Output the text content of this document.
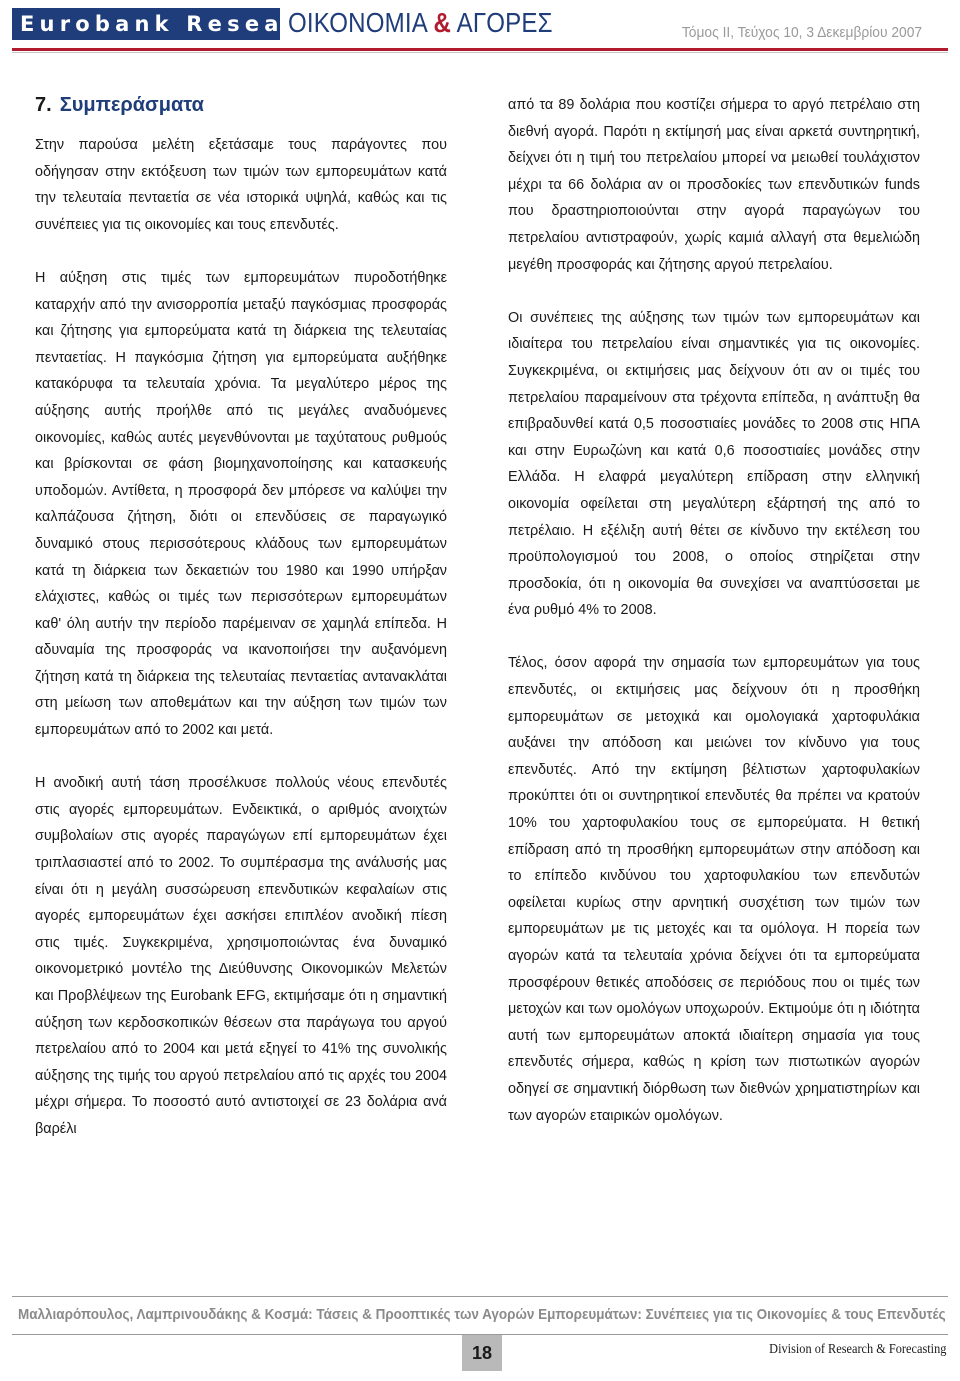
Eurobank Research
ΟΙΚΟΝΟΜΙΑ & ΑΓΟΡΕΣ	Τόμος ΙΙ, Τεύχος 10, 3 Δεκεμβρίου 2007
7. Συμπεράσματα

Στην παρούσα μελέτη εξετάσαμε τους παράγοντες που οδήγησαν στην εκτόξευση των τιμών των εμπορευμάτων κατά την τελευταία πενταετία σε νέα ιστορικά υψηλά, καθώς και τις συνέπειες για τις οικονομίες και τους επενδυτές.

Η αύξηση στις τιμές των εμπορευμάτων πυροδοτήθηκε καταρχήν από την ανισορροπία μεταξύ παγκόσμιας προσφοράς και ζήτησης για εμπορεύματα κατά τη διάρκεια της τελευταίας πενταετίας. Η παγκόσμια ζήτηση για εμπορεύματα αυξήθηκε κατακόρυφα τα τελευταία χρόνια. Τα μεγαλύτερο μέρος της αύξησης αυτής προήλθε από τις μεγάλες αναδυόμενες οικονομίες, καθώς αυτές μεγενθύνονται με ταχύτατους ρυθμούς και βρίσκονται σε φάση βιομηχανοποίησης και κατασκευής υποδομών. Αντίθετα, η προσφορά δεν μπόρεσε να καλύψει την καλπάζουσα ζήτηση, διότι οι επενδύσεις σε παραγωγικό δυναμικό στους περισσότερους κλάδους των εμπορευμάτων κατά τη διάρκεια των δεκαετιών του 1980 και 1990 υπήρξαν ελάχιστες, καθώς οι τιμές των περισσότερων εμπορευμάτων καθ' όλη αυτήν την περίοδο παρέμειναν σε χαμηλά επίπεδα. Η αδυναμία της προσφοράς να ικανοποιήσει την αυξανόμενη ζήτηση κατά τη διάρκεια της τελευταίας πενταετίας αντανακλάται στη μείωση των αποθεμάτων και την αύξηση των τιμών των εμπορευμάτων από το 2002 και μετά.

Η ανοδική αυτή τάση προσέλκυσε πολλούς νέους επενδυτές στις αγορές εμπορευμάτων. Ενδεικτικά, ο αριθμός ανοιχτών συμβολαίων στις αγορές παραγώγων επί εμπορευμάτων έχει τριπλασιαστεί από το 2002. Το συμπέρασμα της ανάλυσής μας είναι ότι η μεγάλη συσσώρευση επενδυτικών κεφαλαίων στις αγορές εμπορευμάτων έχει ασκήσει επιπλέον ανοδική πίεση στις τιμές. Συγκεκριμένα, χρησιμοποιώντας ένα δυναμικό οικονομετρικό μοντέλο της Διεύθυνσης Οικονομικών Μελετών και Προβλέψεων της Eurobank EFG, εκτιμήσαμε ότι η σημαντική αύξηση των κερδοσκοπικών θέσεων στα παράγωγα του αργού πετρελαίου από το 2004 και μετά εξηγεί το 41% της συνολικής αύξησης της τιμής του αργού πετρελαίου από τις αρχές του 2004 μέχρι σήμερα. Το ποσοστό αυτό αντιστοιχεί σε 23 δολάρια ανά βαρέλι

από τα 89 δολάρια που κοστίζει σήμερα το αργό πετρέλαιο στη διεθνή αγορά. Παρότι η εκτίμησή μας είναι αρκετά συντηρητική, δείχνει ότι η τιμή του πετρελαίου μπορεί να μειωθεί τουλάχιστον μέχρι τα 66 δολάρια αν οι προσδοκίες των επενδυτικών funds που δραστηριοποιούνται στην αγορά παραγώγων του πετρελαίου αντιστραφούν, χωρίς καμιά αλλαγή στα θεμελιώδη μεγέθη προσφοράς και ζήτησης αργού πετρελαίου.

Οι συνέπειες της αύξησης των τιμών των εμπορευμάτων και ιδιαίτερα του πετρελαίου είναι σημαντικές για τις οικονομίες. Συγκεκριμένα, οι εκτιμήσεις μας δείχνουν ότι αν οι τιμές του πετρελαίου παραμείνουν στα τρέχοντα επίπεδα, η ανάπτυξη θα επιβραδυνθεί κατά 0,5 ποσοστιαίες μονάδες το 2008 στις ΗΠΑ και στην Ευρωζώνη και κατά 0,6 ποσοστιαίες μονάδες στην Ελλάδα. Η ελαφρά μεγαλύτερη επίδραση στην ελληνική οικονομία οφείλεται στη μεγαλύτερη εξάρτησή της από το πετρέλαιο. Η εξέλιξη αυτή θέτει σε κίνδυνο την εκτέλεση του προϋπολογισμού του 2008, ο οποίος στηρίζεται στην προσδοκία, ότι η οικονομία θα συνεχίσει να αναπτύσσεται με ένα ρυθμό 4% το 2008.

Τέλος, όσον αφορά την σημασία των εμπορευμάτων για τους επενδυτές, οι εκτιμήσεις μας δείχνουν ότι η προσθήκη εμπορευμάτων σε μετοχικά και ομολογιακά χαρτοφυλάκια αυξάνει την απόδοση και μειώνει τον κίνδυνο για τους επενδυτές. Από την εκτίμηση βέλτιστων χαρτοφυλακίων προκύπτει ότι οι συντηρητικοί επενδυτές θα πρέπει να κρατούν 10% του χαρτοφυλακίου τους σε εμπορεύματα. Η θετική επίδραση από τη προσθήκη εμπορευμάτων στην απόδοση και το επίπεδο κινδύνου του χαρτοφυλακίου των επενδυτών οφείλεται κυρίως στην αρνητική συσχέτιση των τιμών των εμπορευμάτων με τις μετοχές και τα ομόλογα. Η πορεία των αγορών κατά τα τελευταία χρόνια δείχνει ότι τα εμπορεύματα προσφέρουν θετικές αποδόσεις σε περιόδους που οι τιμές των μετοχών και των ομολόγων υποχωρούν. Εκτιμούμε ότι η ιδιότητα αυτή των εμπορευμάτων αποκτά ιδιαίτερη σημασία για τους επενδυτές σήμερα, καθώς η κρίση των πιστωτικών αγορών οδηγεί σε σημαντική διόρθωση των διεθνών χρηματιστηρίων και των αγορών εταιρικών ομολόγων.

Μαλλιαρόπουλος, Λαμπρινουδάκης & Κοσμά: Τάσεις & Προοπτικές των Αγορών Εμπορευμάτων: Συνέπειες για τις Οικονομίες & τους Επενδυτές
18	Division of Research & Forecasting
